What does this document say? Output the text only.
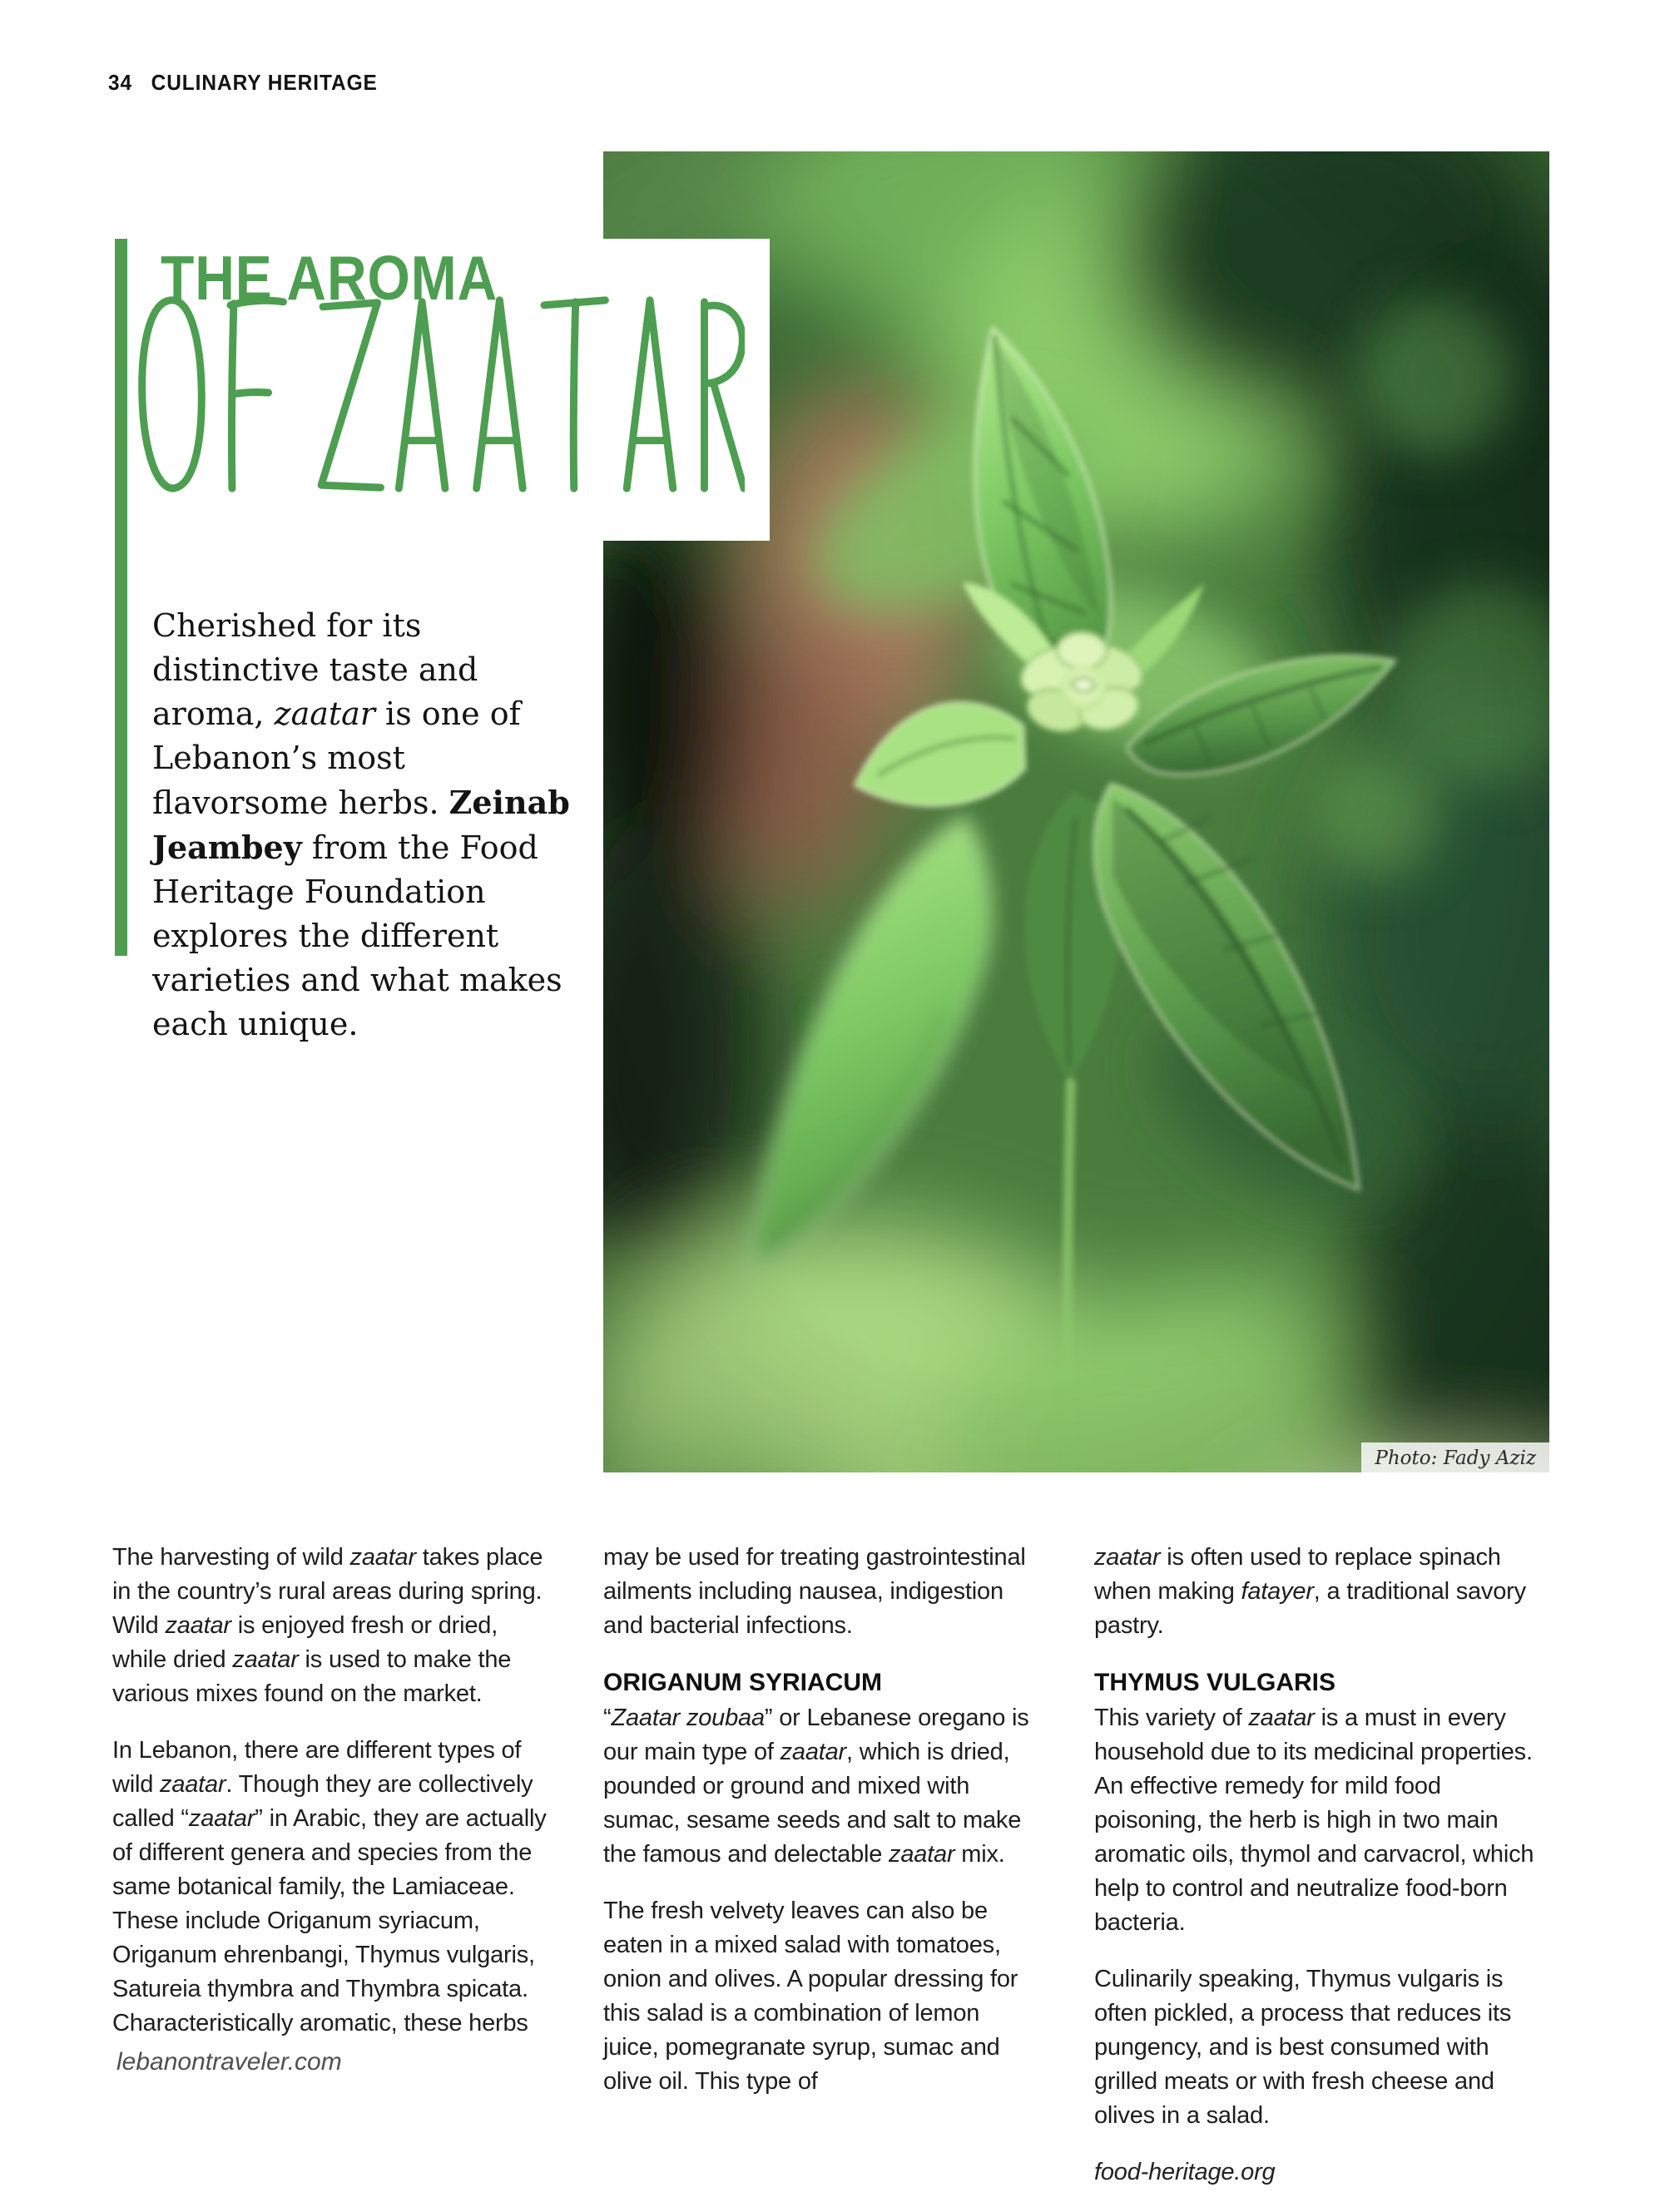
34 CULINARY HERITAGE
Photo: Fady Aziz
THE AROMA

Cherished for its distinctive taste and aroma, zaatar is one of Lebanon’s most flavorsome herbs. Zeinab Jeambey from the Food Heritage Foundation explores the different varieties and what makes each unique.

The harvesting of wild zaatar takes place in the country’s rural areas during spring. Wild zaatar is enjoyed fresh or dried, while dried zaatar is used to make the various mixes found on the market.

In Lebanon, there are different types of wild zaatar. Though they are collectively called “zaatar” in Arabic, they are actually of different genera and species from the same botanical family, the Lamiaceae. These include Origanum syriacum, Origanum ehrenbangi, Thymus vulgaris, Satureia thymbra and Thymbra spicata. Characteristically aromatic, these herbs

may be used for treating gastrointestinal ailments including nausea, indigestion and bacterial infections.

ORIGANUM SYRIACUM

“Zaatar zoubaa” or Lebanese oregano is our main type of zaatar, which is dried, pounded or ground and mixed with sumac, sesame seeds and salt to make the famous and delectable zaatar mix.

The fresh velvety leaves can also be eaten in a mixed salad with tomatoes, onion and olives. A popular dressing for this salad is a combination of lemon juice, pomegranate syrup, sumac and olive oil. This type of

zaatar is often used to replace spinach when making fatayer, a traditional savory pastry.

THYMUS VULGARIS

This variety of zaatar is a must in every household due to its medicinal properties. An effective remedy for mild food poisoning, the herb is high in two main aromatic oils, thymol and carvacrol, which help to control and neutralize food-born bacteria.

Culinarily speaking, Thymus vulgaris is often pickled, a process that reduces its pungency, and is best consumed with grilled meats or with fresh cheese and olives in a salad.

food-heritage.org

lebanontraveler.com
